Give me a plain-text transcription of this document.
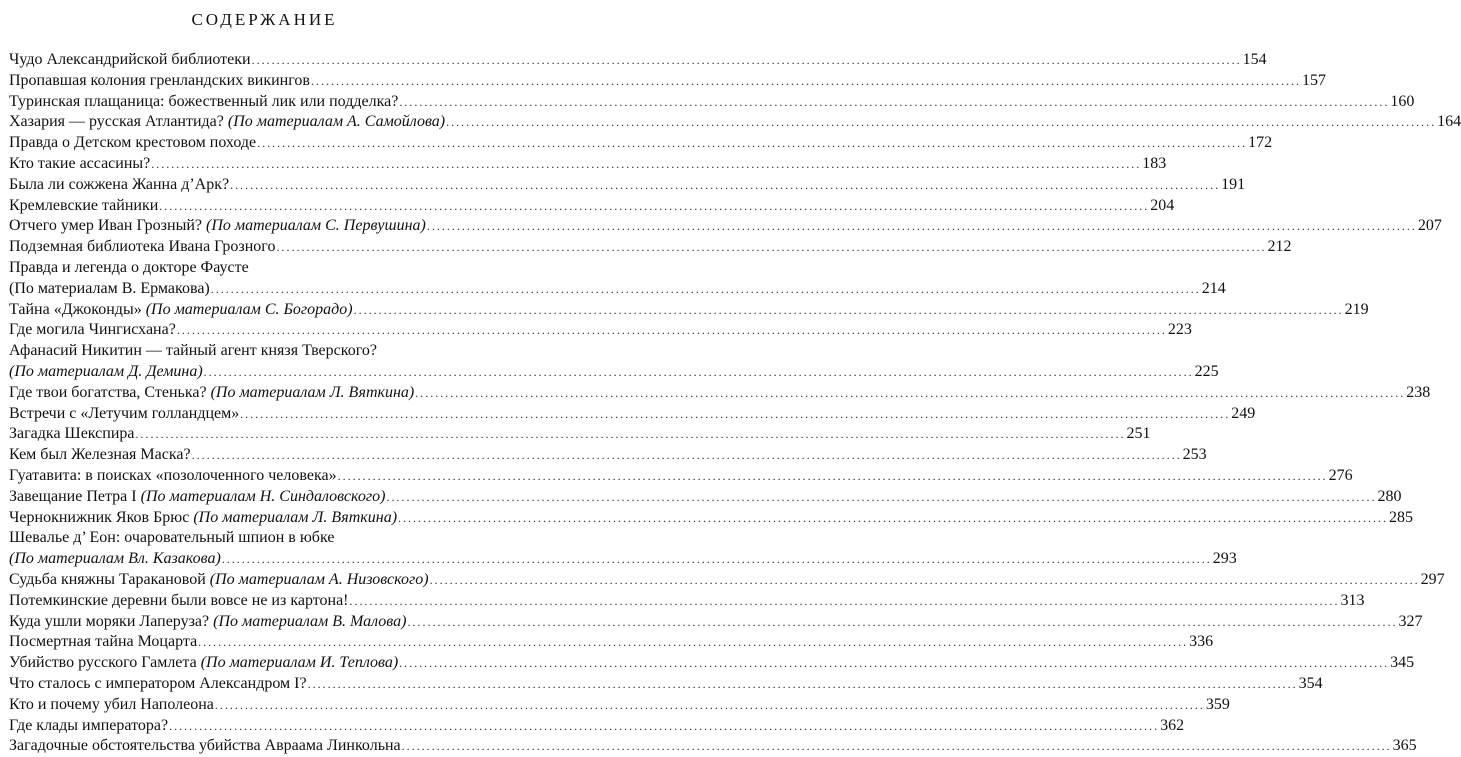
СОДЕРЖАНИЕ
Чудо Александрийской библиотеки .....	154
Пропавшая колония гренландских викингов .....	157
Туринская плащаница: божественный лик или подделка? .....	160
Хазария — русская Атлантида? (По материалам А. Самойлова) .....	164
Правда о Детском крестовом походе .....	172
Кто такие ассасины? .....	183
Была ли сожжена Жанна д’Арк? .....	191
Кремлевские тайники .....	204
Отчего умер Иван Грозный? (По материалам С. Первушина) .....	207
Подземная библиотека Ивана Грозного .....	212
Правда и легенда о докторе Фаусте
(По материалам В. Ермакова) .....	214
Тайна «Джоконды» (По материалам С. Богорадо) .....	219
Где могила Чингисхана? .....	223
Афанасий Никитин — тайный агент князя Тверского?
(По материалам Д. Демина) .....	225
Где твои богатства, Стенька? (По материалам Л. Вяткина) .....	238
Встречи с «Летучим голландцем» .....	249
Загадка Шекспира .....	251
Кем был Железная Маска? .....	253
Гуатавита: в поисках «позолоченного человека» .....	276
Завещание Петра I (По материалам Н. Синдаловского) .....	280
Чернокнижник Яков Брюс (По материалам Л. Вяткина) .....	285
Шевалье д’ Еон: очаровательный шпион в юбке
(По материалам Вл. Казакова) .....	293
Судьба княжны Таракановой (По материалам А. Низовского) .....	297
Потемкинские деревни были вовсе не из картона! .....	313
Куда ушли моряки Лаперуза? (По материалам В. Малова) .....	327
Посмертная тайна Моцарта .....	336
Убийство русского Гамлета (По материалам И. Теплова) .....	345
Что сталось с императором Александром I? .....	354
Кто и почему убил Наполеона .....	359
Где клады императора? .....	362
Загадочные обстоятельства убийства Авраама Линкольна .....	365
